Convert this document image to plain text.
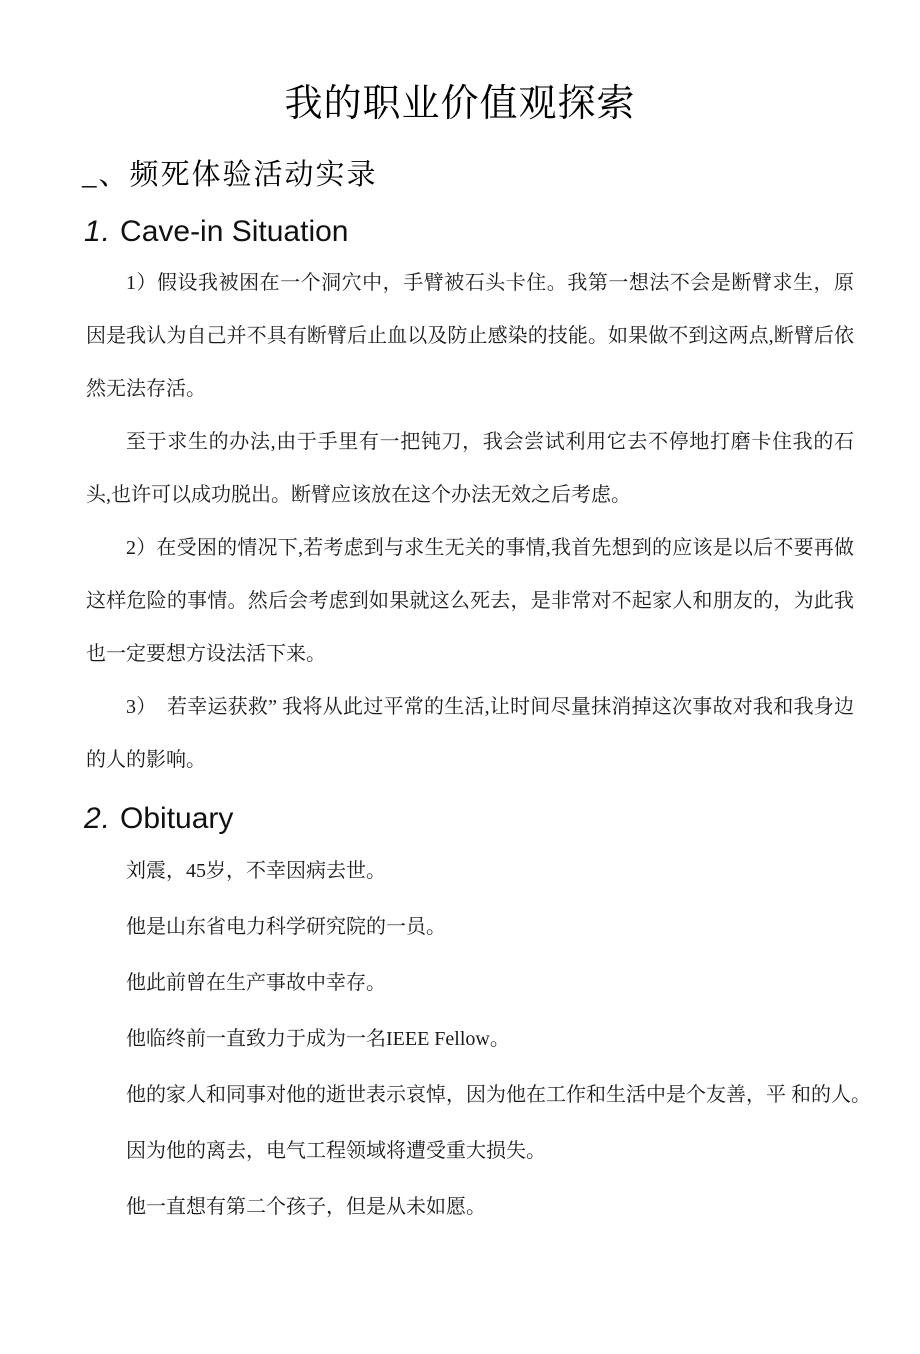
我的职业价值观探索
_、频死体验活动实录
1. Cave-in Situation

1）假设我被困在一个洞穴中，手臂被石头卡住。我第一想法不会是断臂求生，原因是我认为自己并不具有断臂后止血以及防止感染的技能。如果做不到这两点,断臂后依然无法存活。

至于求生的办法,由于手里有一把钝刀，我会尝试利用它去不停地打磨卡住我的石头,也许可以成功脱出。断臂应该放在这个办法无效之后考虑。

2）在受困的情况下,若考虑到与求生无关的事情,我首先想到的应该是以后不要再做这样危险的事情。然后会考虑到如果就这么死去，是非常对不起家人和朋友的，为此我也一定要想方设法活下来。

3）  若幸运获救” 我将从此过平常的生活,让时间尽量抹消掉这次事故对我和我身边的人的影响。

2. Obituary

刘震，45岁，不幸因病去世。

他是山东省电力科学研究院的一员。

他此前曾在生产事故中幸存。

他临终前一直致力于成为一名IEEE Fellow。

他的家人和同事对他的逝世表示哀悼，因为他在工作和生活中是个友善，平 和的人。

因为他的离去，电气工程领域将遭受重大损失。

他一直想有第二个孩子，但是从未如愿。
